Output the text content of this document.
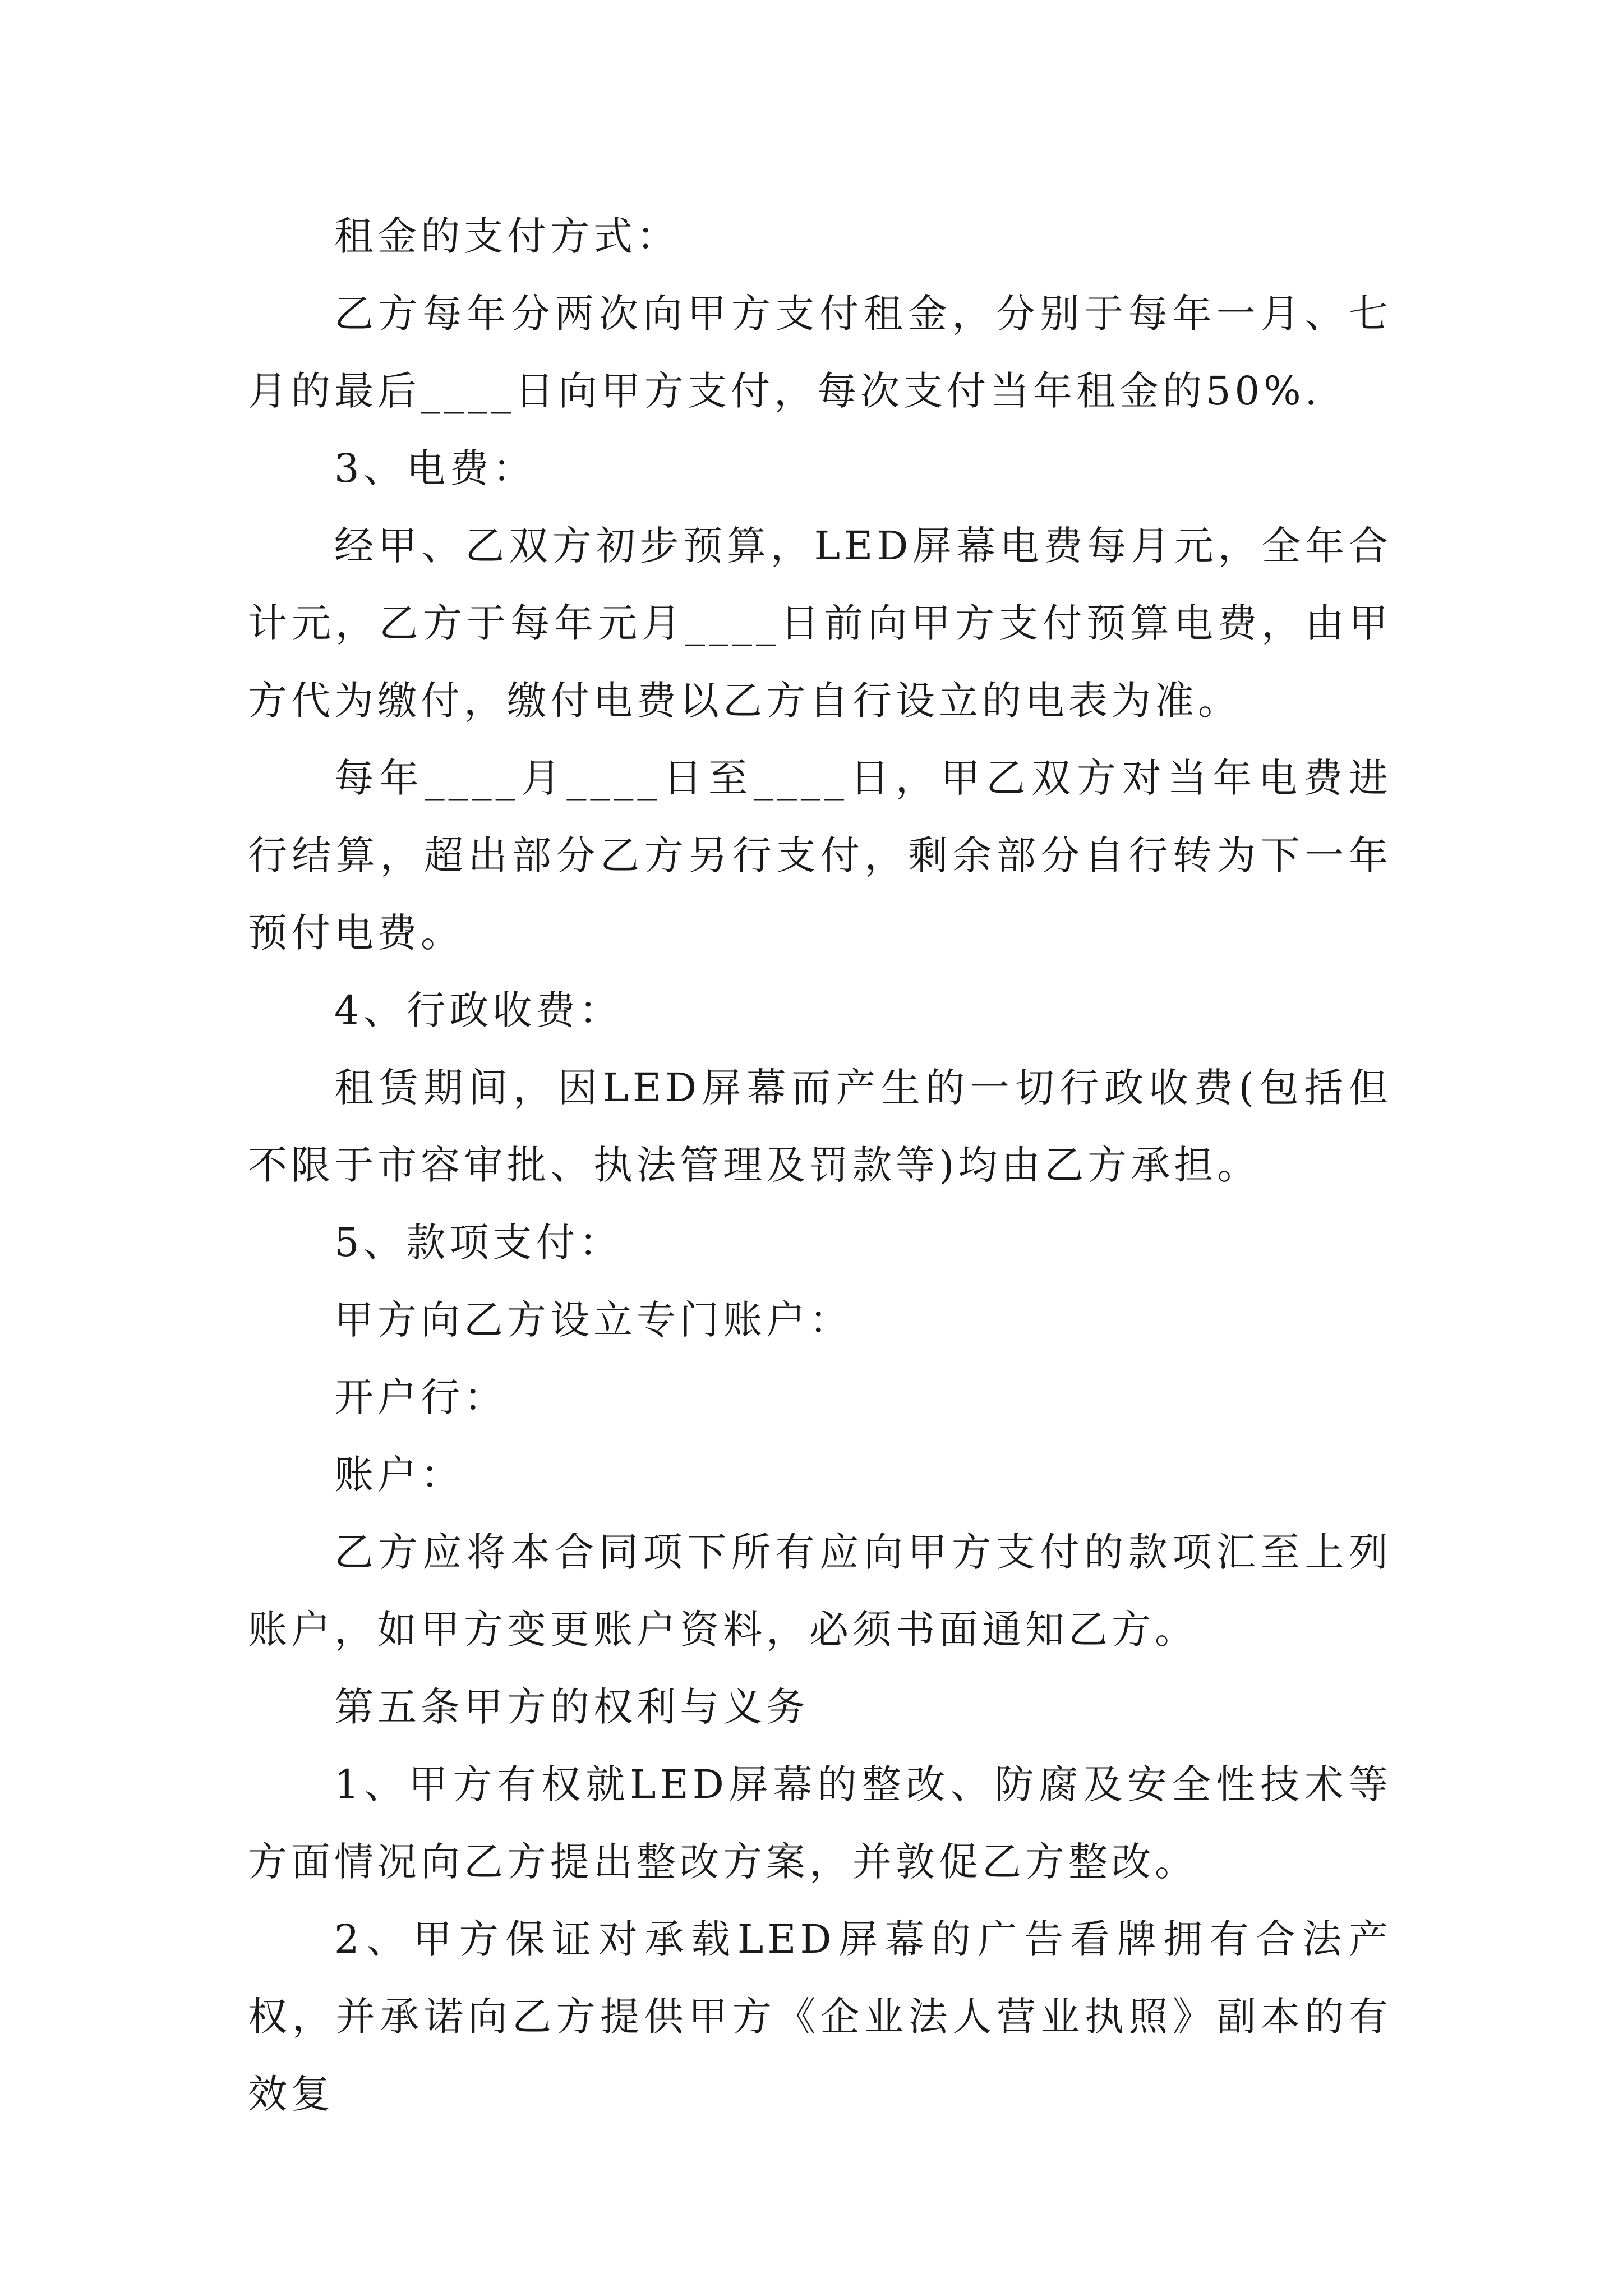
租金的支付方式：

乙方每年分两次向甲方支付租金，分别于每年一月、七月的最后____日向甲方支付，每次支付当年租金的50%.

3、电费：

经甲、乙双方初步预算，LED屏幕电费每月元，全年合计元，乙方于每年元月____日前向甲方支付预算电费，由甲方代为缴付，缴付电费以乙方自行设立的电表为准。

每年____月____日至____日，甲乙双方对当年电费进行结算，超出部分乙方另行支付，剩余部分自行转为下一年预付电费。

4、行政收费：

租赁期间，因LED屏幕而产生的一切行政收费(包括但不限于市容审批、执法管理及罚款等)均由乙方承担。

5、款项支付：

甲方向乙方设立专门账户：

开户行：

账户：

乙方应将本合同项下所有应向甲方支付的款项汇至上列账户，如甲方变更账户资料，必须书面通知乙方。

第五条甲方的权利与义务

1、甲方有权就LED屏幕的整改、防腐及安全性技术等方面情况向乙方提出整改方案，并敦促乙方整改。

2、甲方保证对承载LED屏幕的广告看牌拥有合法产权，并承诺向乙方提供甲方《企业法人营业执照》副本的有效复
